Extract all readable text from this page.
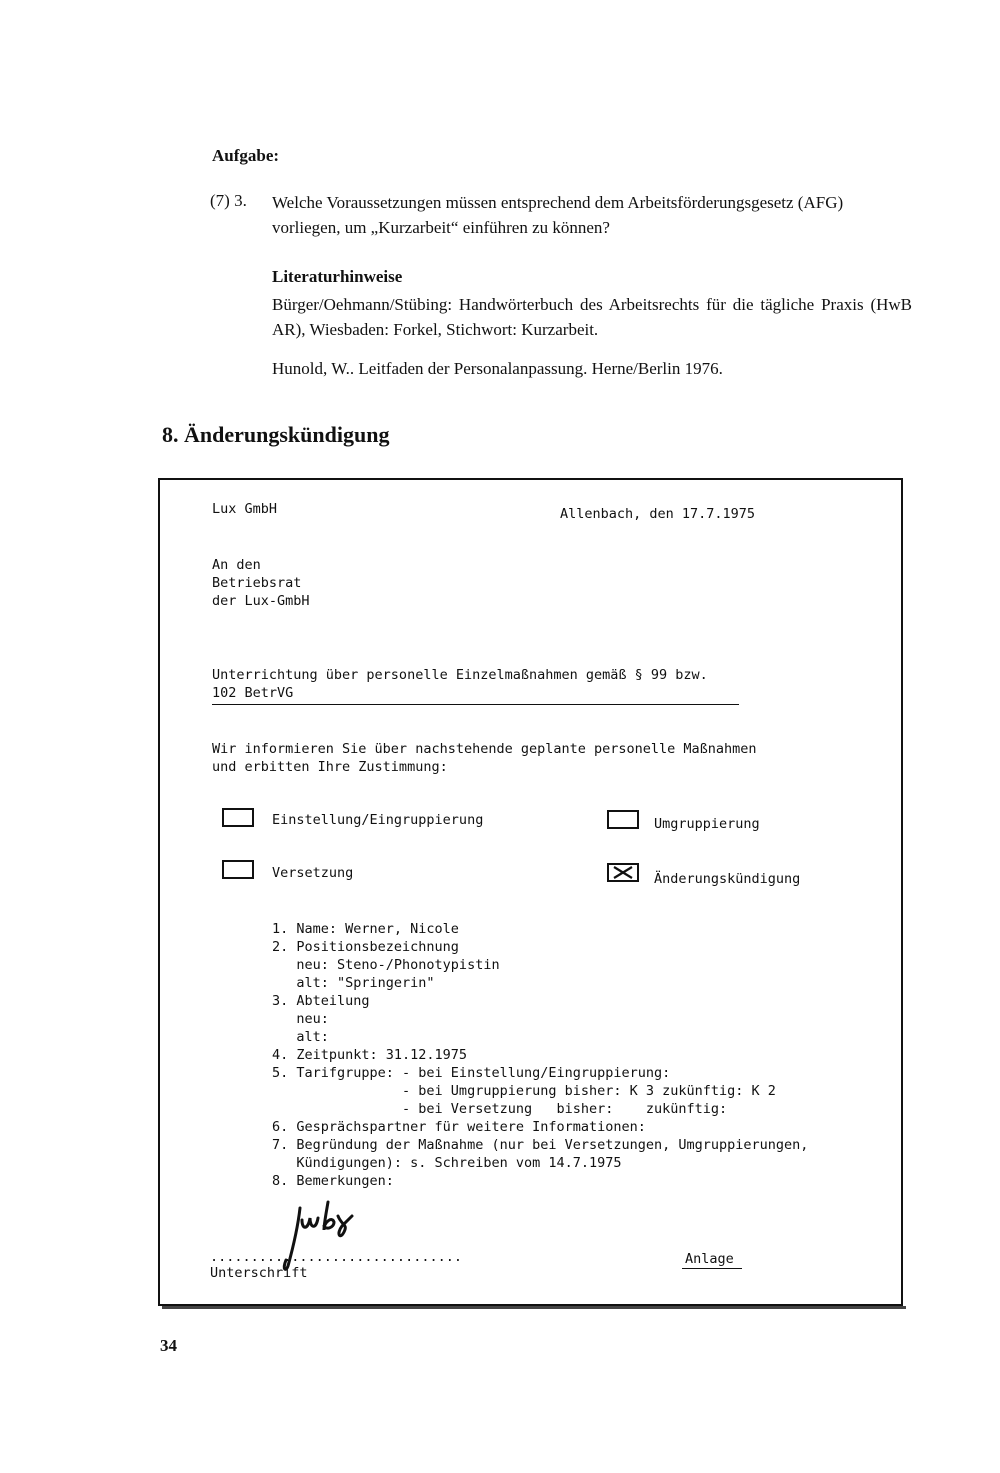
Aufgabe:
(7) 3. Welche Voraussetzungen müssen entsprechend dem Arbeitsförderungsgesetz (AFG) vorliegen, um „Kurzarbeit“ einführen zu können?
Literaturhinweise
Bürger/Oehmann/Stübing: Handwörterbuch des Arbeitsrechts für die tägliche Praxis (HwB AR), Wiesbaden: Forkel, Stichwort: Kurzarbeit.
Hunold, W.. Leitfaden der Personalanpassung. Herne/Berlin 1976.
8. Änderungskündigung
Lux GmbH	Allenbach, den 17.7.1975
An den
Betriebsrat
der Lux-GmbH
Unterrichtung über personelle Einzelmaßnahmen gemäß § 99 bzw.
102 BetrVG
Wir informieren Sie über nachstehende geplante personelle Maßnahmen
und erbitten Ihre Zustimmung:
Einstellung/Eingruppierung	Umgruppierung
Versetzung	Änderungskündigung
1. Name: Werner, Nicole
2. Positionsbezeichnung
neu: Steno-/Phonotypistin
alt: "Springerin"
3. Abteilung
neu:
alt:
4. Zeitpunkt: 31.12.1975
5. Tarifgruppe: - bei Einstellung/Eingruppierung:
- bei Umgruppierung bisher: K 3 zukünftig: K 2
- bei Versetzung   bisher:    zukünftig:
6. Gesprächspartner für weitere Informationen:
7. Begründung der Maßnahme (nur bei Versetzungen, Umgruppierungen,
Kündigungen): s. Schreiben vom 14.7.1975
8. Bemerkungen:
...............................
Unterschrift
Anlage
34
